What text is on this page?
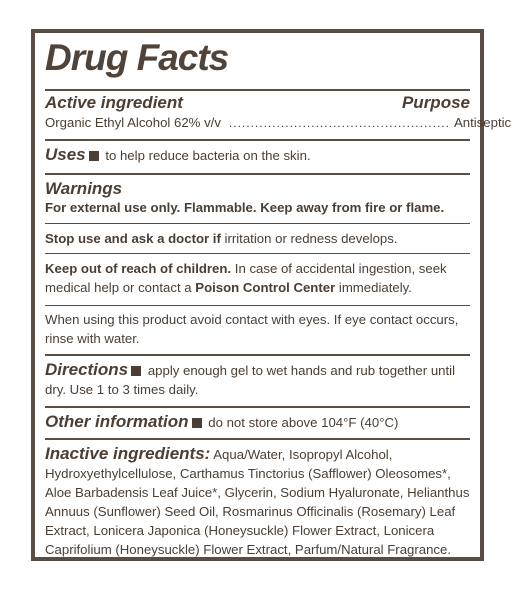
Drug Facts
Active ingredient	Purpose
Organic Ethyl Alcohol 62% v/v ................................................... Antiseptic
Uses to help reduce bacteria on the skin.
Warnings
For external use only. Flammable. Keep away from fire or flame.
Stop use and ask a doctor if irritation or redness develops.
Keep out of reach of children. In case of accidental ingestion, seek medical help or contact a Poison Control Center immediately.
When using this product avoid contact with eyes. If eye contact occurs, rinse with water.
Directions apply enough gel to wet hands and rub together until dry. Use 1 to 3 times daily.
Other information do not store above 104°F (40°C)
Inactive ingredients: Aqua/Water, Isopropyl Alcohol, Hydroxyethylcellulose, Carthamus Tinctorius (Safflower) Oleosomes*, Aloe Barbadensis Leaf Juice*, Glycerin, Sodium Hyaluronate, Helianthus Annuus (Sunflower) Seed Oil, Rosmarinus Officinalis (Rosemary) Leaf Extract, Lonicera Japonica (Honeysuckle) Flower Extract, Lonicera Caprifolium (Honeysuckle) Flower Extract, Parfum/Natural Fragrance.
